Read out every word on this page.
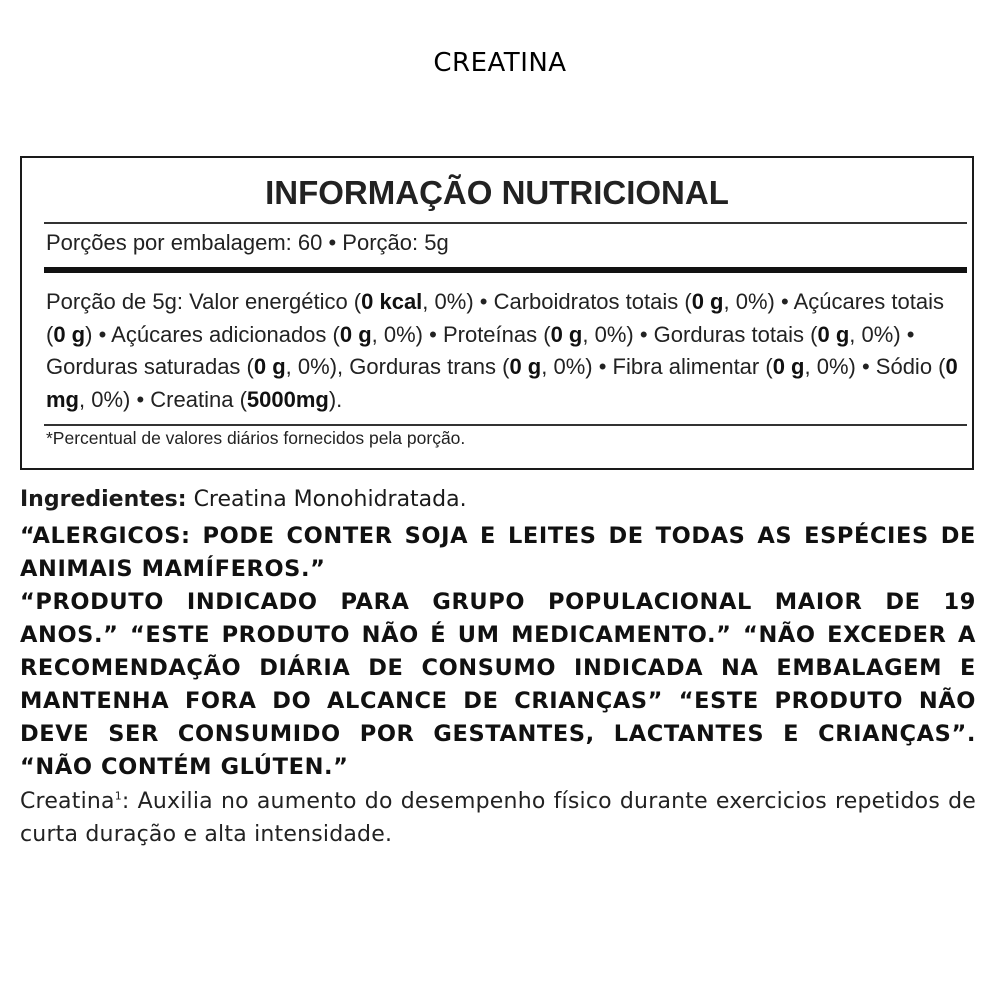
CREATINA
INFORMAÇÃO NUTRICIONAL
Porções por embalagem: 60 • Porção: 5g
Porção de 5g: Valor energético (0 kcal, 0%) • Carboidratos totais (0 g, 0%) • Açúcares totais (0 g) • Açúcares adicionados (0 g, 0%) • Proteínas (0 g, 0%) • Gorduras totais (0 g, 0%) • Gorduras saturadas (0 g, 0%), Gorduras trans (0 g, 0%) • Fibra alimentar (0 g, 0%) • Sódio (0 mg, 0%) • Creatina (5000mg).
*Percentual de valores diários fornecidos pela porção.
Ingredientes: Creatina Monohidratada.

“ALERGICOS: PODE CONTER SOJA E LEITES DE TODAS AS ESPÉCIES DE ANIMAIS MAMÍFEROS.”

“PRODUTO INDICADO PARA GRUPO POPULACIONAL MAIOR DE 19 ANOS.” “ESTE PRODUTO NÃO É UM MEDICAMENTO.” “NÃO EXCEDER A RECOMENDAÇÃO DIÁRIA DE CONSUMO INDICADA NA EMBALAGEM E MANTENHA FORA DO ALCANCE DE CRIANÇAS” “ESTE PRODUTO NÃO DEVE SER CONSUMIDO POR GESTANTES, LACTANTES E CRIANÇAS”. “NÃO CONTÉM GLÚTEN.”

Creatina$^1$: Auxilia no aumento do desempenho físico durante exercicios repetidos de curta duração e alta intensidade.
